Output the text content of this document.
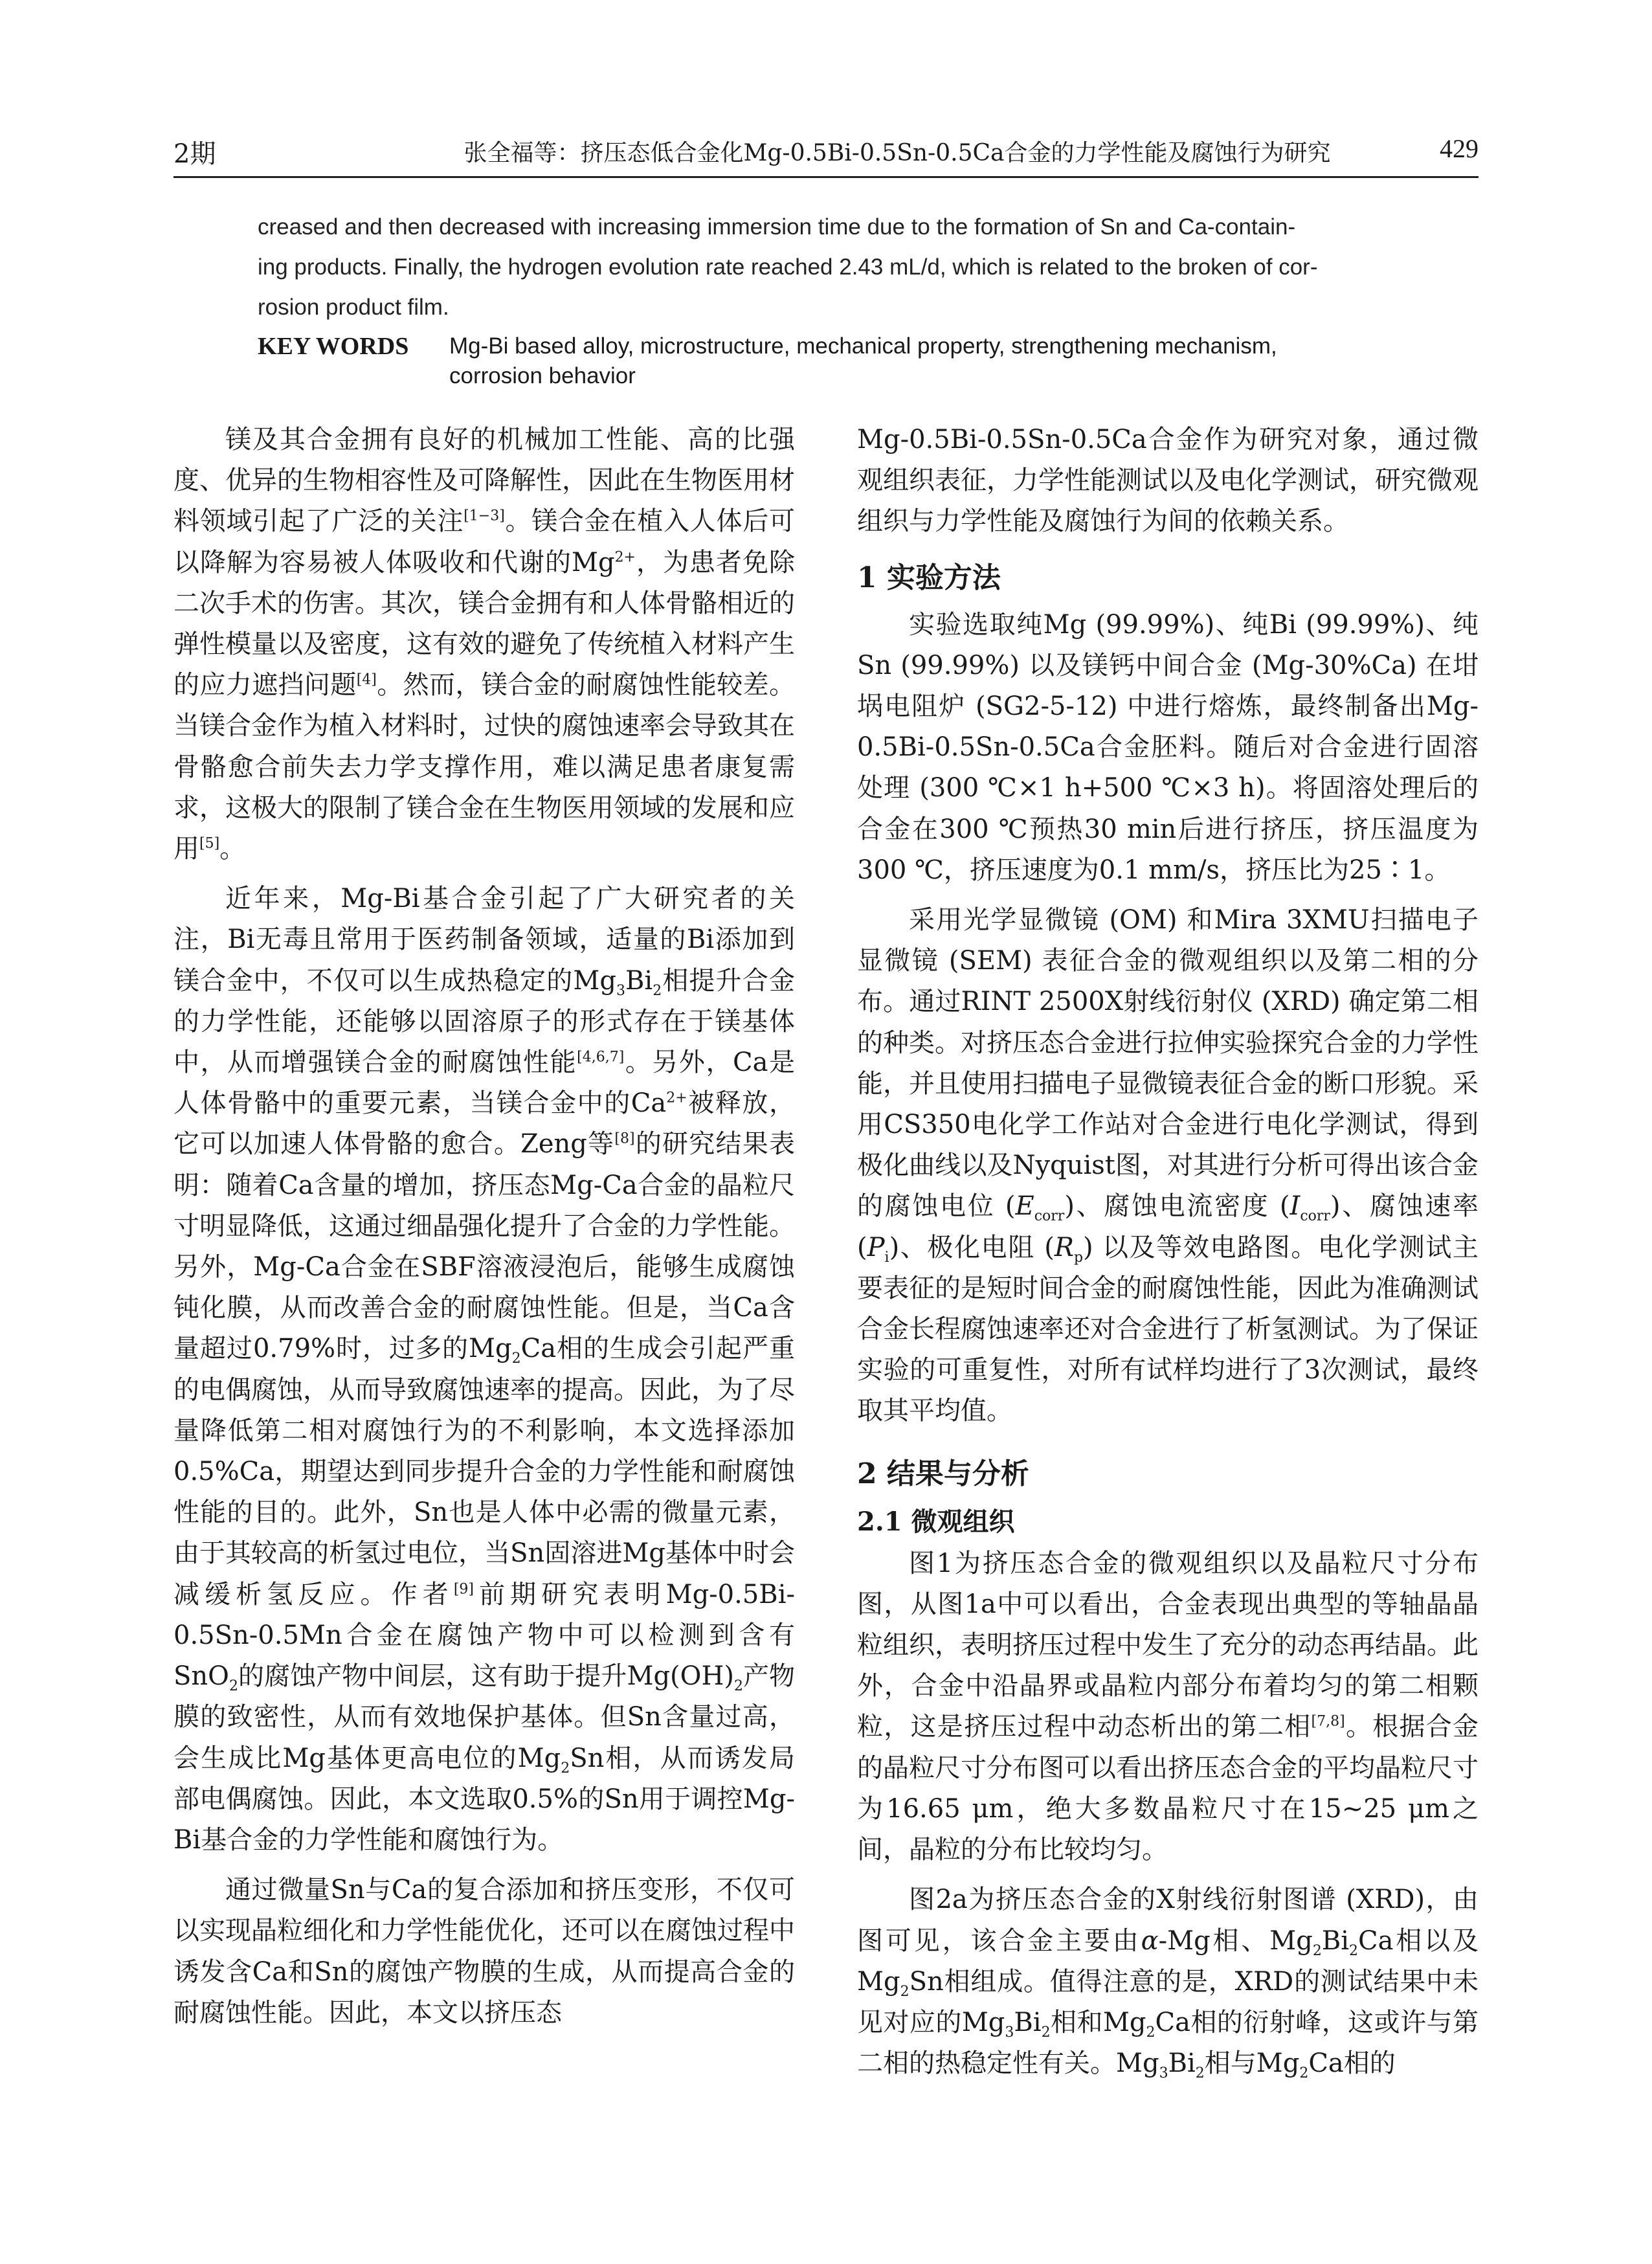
2期	张全福等：挤压态低合金化Mg-0.5Bi-0.5Sn-0.5Ca合金的力学性能及腐蚀行为研究	429

creased and then decreased with increasing immersion time due to the formation of Sn and Ca-contain-

ing products. Finally, the hydrogen evolution rate reached 2.43 mL/d, which is related to the broken of cor-

rosion product film.

KEY WORDS Mg-Bi based alloy, microstructure, mechanical property, strengthening mechanism,
corrosion behavior

镁及其合金拥有良好的机械加工性能、高的比强度、优异的生物相容性及可降解性，因此在生物医用材料领域引起了广泛的关注[1−3]。镁合金在植入人体后可以降解为容易被人体吸收和代谢的$Mg^{2+}$，为患者免除二次手术的伤害。其次，镁合金拥有和人体骨骼相近的弹性模量以及密度，这有效的避免了传统植入材料产生的应力遮挡问题[4]。然而，镁合金的耐腐蚀性能较差。当镁合金作为植入材料时，过快的腐蚀速率会导致其在骨骼愈合前失去力学支撑作用，难以满足患者康复需求，这极大的限制了镁合金在生物医用领域的发展和应用[5]。

近年来，Mg-Bi基合金引起了广大研究者的关注，Bi无毒且常用于医药制备领域，适量的Bi添加到镁合金中，不仅可以生成热稳定的$Mg_3Bi_2$相提升合金的力学性能，还能够以固溶原子的形式存在于镁基体中，从而增强镁合金的耐腐蚀性能[4,6,7]。另外，Ca是人体骨骼中的重要元素，当镁合金中的$Ca^{2+}$被释放，它可以加速人体骨骼的愈合。Zeng等[8]的研究结果表明：随着Ca含量的增加，挤压态Mg-Ca合金的晶粒尺寸明显降低，这通过细晶强化提升了合金的力学性能。另外，Mg-Ca合金在SBF溶液浸泡后，能够生成腐蚀钝化膜，从而改善合金的耐腐蚀性能。但是，当Ca含量超过0.79%时，过多的$Mg_2Ca$相的生成会引起严重的电偶腐蚀，从而导致腐蚀速率的提高。因此，为了尽量降低第二相对腐蚀行为的不利影响，本文选择添加0.5%Ca，期望达到同步提升合金的力学性能和耐腐蚀性能的目的。此外，Sn也是人体中必需的微量元素，由于其较高的析氢过电位，当Sn固溶进Mg基体中时会减缓析氢反应。作者[9]前期研究表明Mg-0.5Bi-0.5Sn-0.5Mn合金在腐蚀产物中可以检测到含有SnO$_2$的腐蚀产物中间层，这有助于提升$Mg(OH)_2$产物膜的致密性，从而有效地保护基体。但Sn含量过高，会生成比Mg基体更高电位的$Mg_2Sn$相，从而诱发局部电偶腐蚀。因此，本文选取0.5%的Sn用于调控Mg-Bi基合金的力学性能和腐蚀行为。

通过微量Sn与Ca的复合添加和挤压变形，不仅可以实现晶粒细化和力学性能优化，还可以在腐蚀过程中诱发含Ca和Sn的腐蚀产物膜的生成，从而提高合金的耐腐蚀性能。因此，本文以挤压态

Mg-0.5Bi-0.5Sn-0.5Ca合金作为研究对象，通过微观组织表征，力学性能测试以及电化学测试，研究微观组织与力学性能及腐蚀行为间的依赖关系。

1 实验方法

实验选取纯Mg (99.99%)、纯Bi (99.99%)、纯Sn (99.99%) 以及镁钙中间合金 (Mg-30%Ca) 在坩埚电阻炉 (SG2-5-12) 中进行熔炼，最终制备出Mg-0.5Bi-0.5Sn-0.5Ca合金胚料。随后对合金进行固溶处理 (300 ℃×1 h+500 ℃×3 h)。将固溶处理后的合金在300 ℃预热30 min后进行挤压，挤压温度为300 ℃，挤压速度为0.1 mm/s，挤压比为25∶1。

采用光学显微镜 (OM) 和Mira 3XMU扫描电子显微镜 (SEM) 表征合金的微观组织以及第二相的分布。通过RINT 2500X射线衍射仪 (XRD) 确定第二相的种类。对挤压态合金进行拉伸实验探究合金的力学性能，并且使用扫描电子显微镜表征合金的断口形貌。采用CS350电化学工作站对合金进行电化学测试，得到极化曲线以及Nyquist图，对其进行分析可得出该合金的腐蚀电位 $(E_{corr})$、腐蚀电流密度 $(I_{corr})$、腐蚀速率 $(P_i)$、极化电阻 $(R_p)$ 以及等效电路图。电化学测试主要表征的是短时间合金的耐腐蚀性能，因此为准确测试合金长程腐蚀速率还对合金进行了析氢测试。为了保证实验的可重复性，对所有试样均进行了3次测试，最终取其平均值。

2 结果与分析
2.1 微观组织

图1为挤压态合金的微观组织以及晶粒尺寸分布图，从图1a中可以看出，合金表现出典型的等轴晶晶粒组织，表明挤压过程中发生了充分的动态再结晶。此外，合金中沿晶界或晶粒内部分布着均匀的第二相颗粒，这是挤压过程中动态析出的第二相[7,8]。根据合金的晶粒尺寸分布图可以看出挤压态合金的平均晶粒尺寸为16.65 μm，绝大多数晶粒尺寸在15~25 μm之间，晶粒的分布比较均匀。

图2a为挤压态合金的X射线衍射图谱 (XRD)，由图可见，该合金主要由α-Mg相、$Mg_2Bi_2Ca$相以及$Mg_2Sn$相组成。值得注意的是，XRD的测试结果中未见对应的$Mg_3Bi_2$相和$Mg_2Ca$相的衍射峰，这或许与第二相的热稳定性有关。$Mg_3Bi_2$相与$Mg_2Ca$相的
